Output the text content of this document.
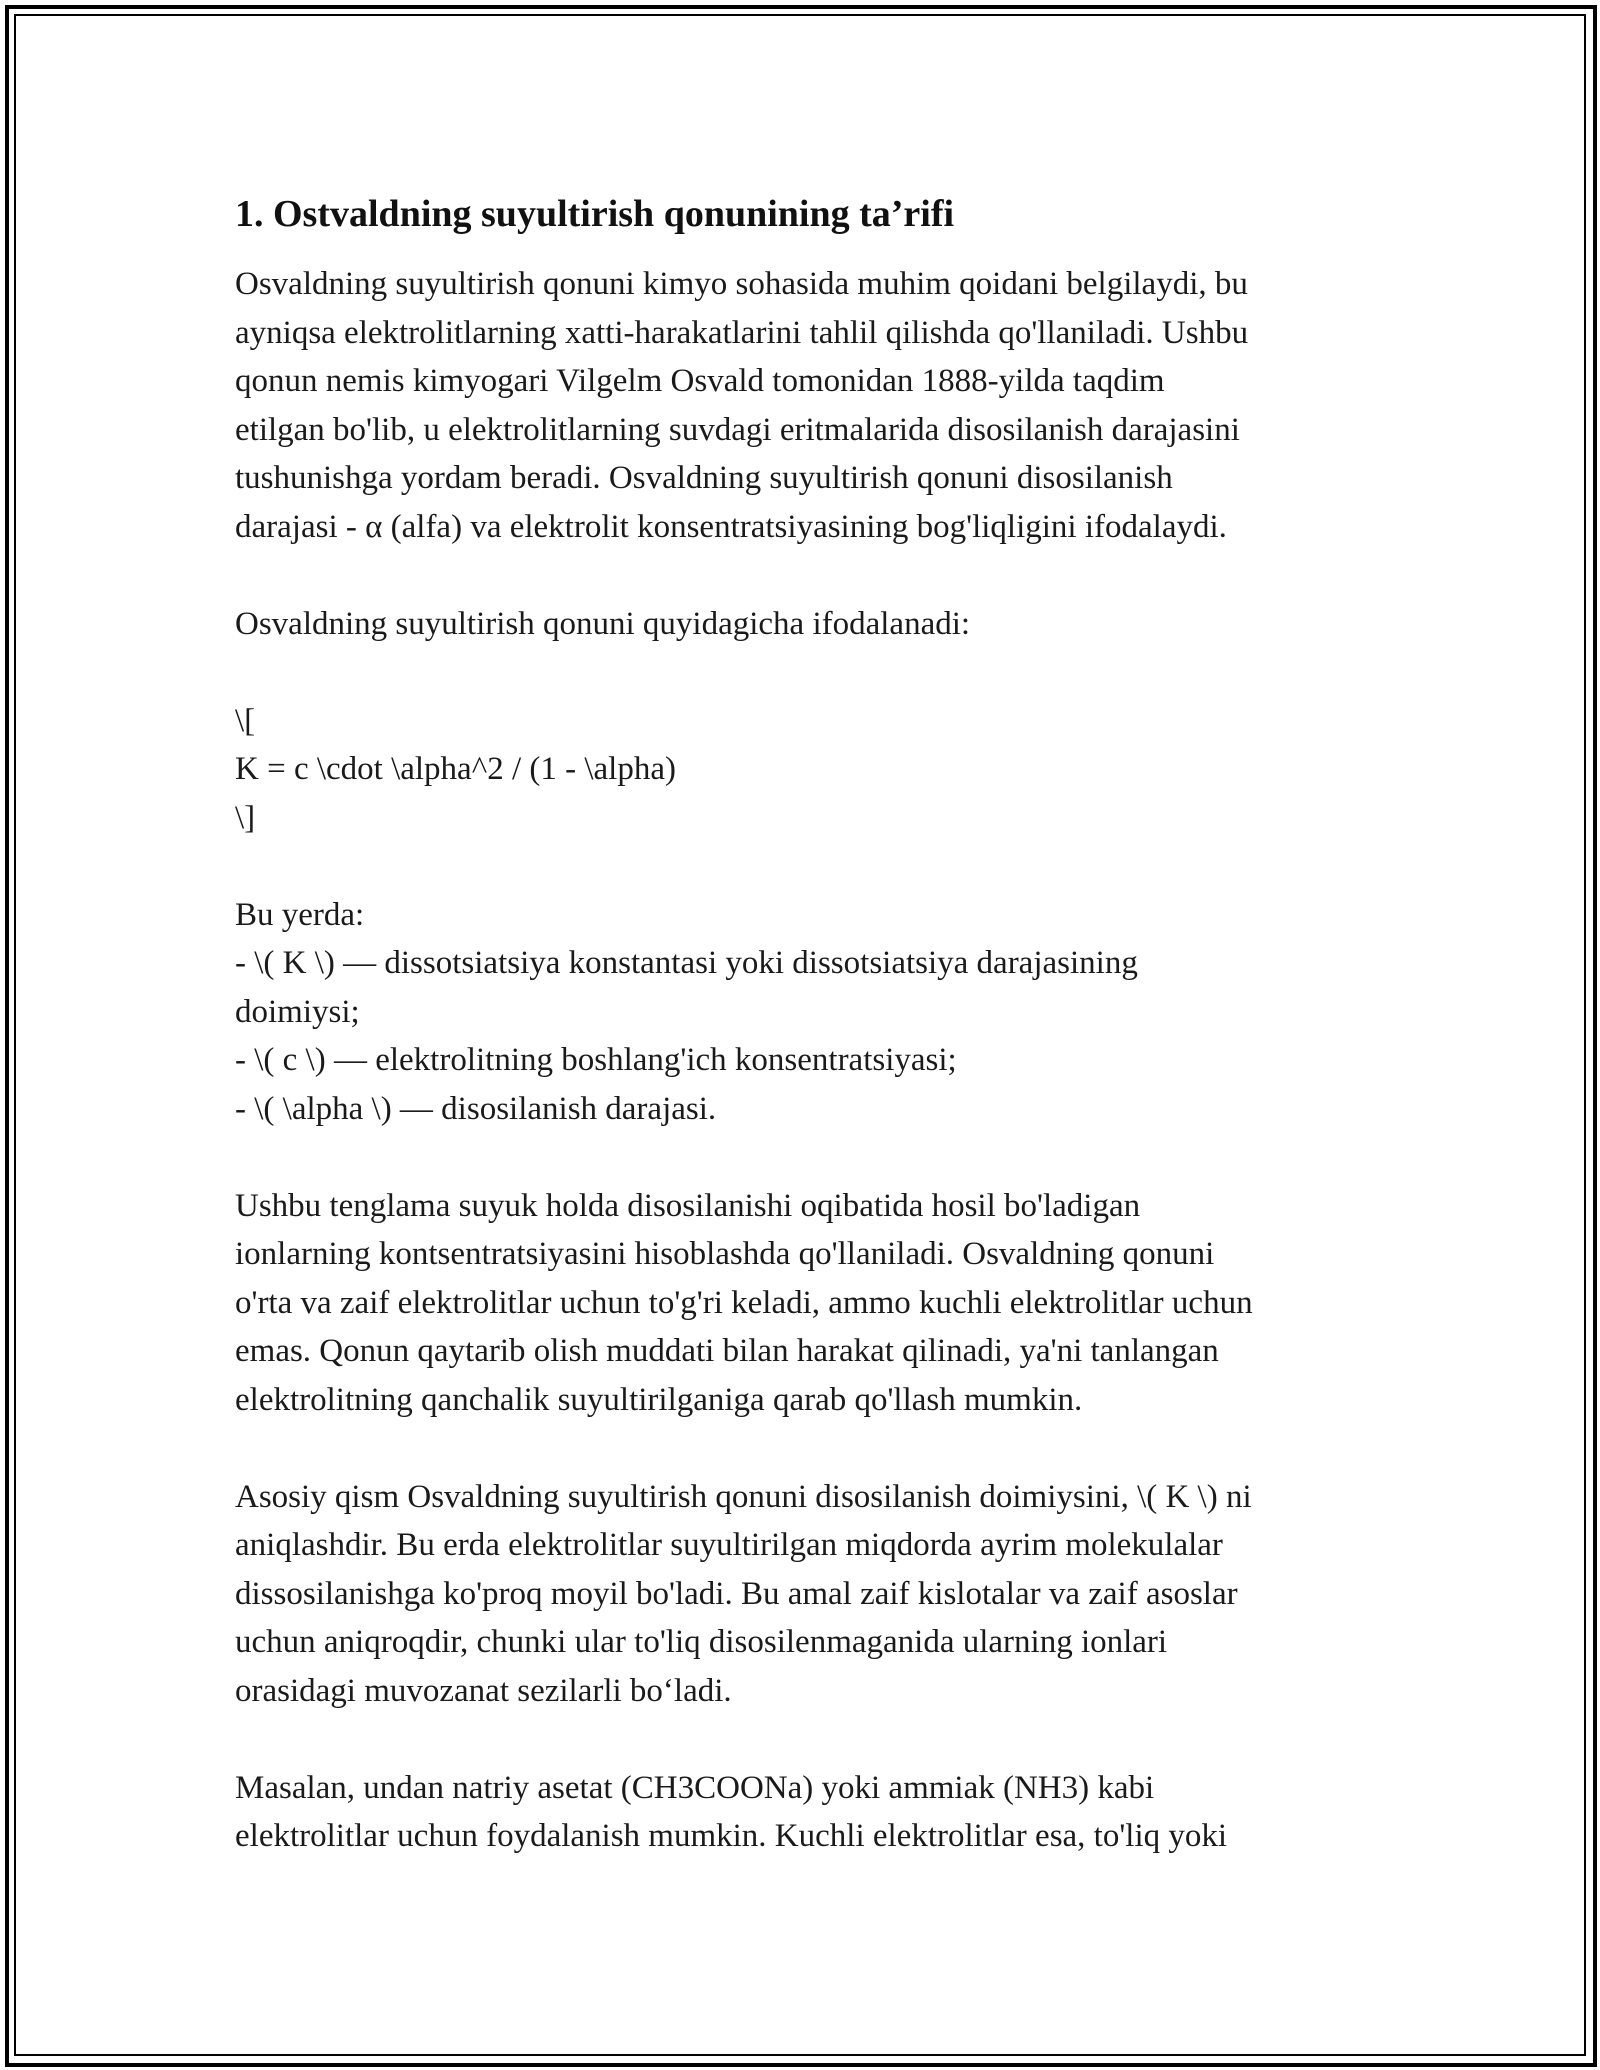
1. Ostvaldning suyultirish qonunining ta’rifi

Osvaldning suyultirish qonuni kimyo sohasida muhim qoidani belgilaydi, bu
ayniqsa elektrolitlarning xatti-harakatlarini tahlil qilishda qo'llaniladi. Ushbu
qonun nemis kimyogari Vilgelm Osvald tomonidan 1888-yilda taqdim
etilgan bo'lib, u elektrolitlarning suvdagi eritmalarida disosilanish darajasini
tushunishga yordam beradi. Osvaldning suyultirish qonuni disosilanish
darajasi - α (alfa) va elektrolit konsentratsiyasining bog'liqligini ifodalaydi.

Osvaldning suyultirish qonuni quyidagicha ifodalanadi:

\[
K = c \cdot \alpha^2 / (1 - \alpha)
\]

Bu yerda:
- \( K \) — dissotsiatsiya konstantasi yoki dissotsiatsiya darajasining
doimiysi;
- \( c \) — elektrolitning boshlang'ich konsentratsiyasi;
- \( \alpha \) — disosilanish darajasi.

Ushbu tenglama suyuk holda disosilanishi oqibatida hosil bo'ladigan
ionlarning kontsentratsiyasini hisoblashda qo'llaniladi. Osvaldning qonuni
o'rta va zaif elektrolitlar uchun to'g'ri keladi, ammo kuchli elektrolitlar uchun
emas. Qonun qaytarib olish muddati bilan harakat qilinadi, ya'ni tanlangan
elektrolitning qanchalik suyultirilganiga qarab qo'llash mumkin.

Asosiy qism Osvaldning suyultirish qonuni disosilanish doimiysini, \( K \) ni
aniqlashdir. Bu erda elektrolitlar suyultirilgan miqdorda ayrim molekulalar
dissosilanishga ko'proq moyil bo'ladi. Bu amal zaif kislotalar va zaif asoslar
uchun aniqroqdir, chunki ular to'liq disosilenmaganida ularning ionlari
orasidagi muvozanat sezilarli bo‘ladi.

Masalan, undan natriy asetat (CH3COONa) yoki ammiak (NH3) kabi
elektrolitlar uchun foydalanish mumkin. Kuchli elektrolitlar esa, to'liq yoki
